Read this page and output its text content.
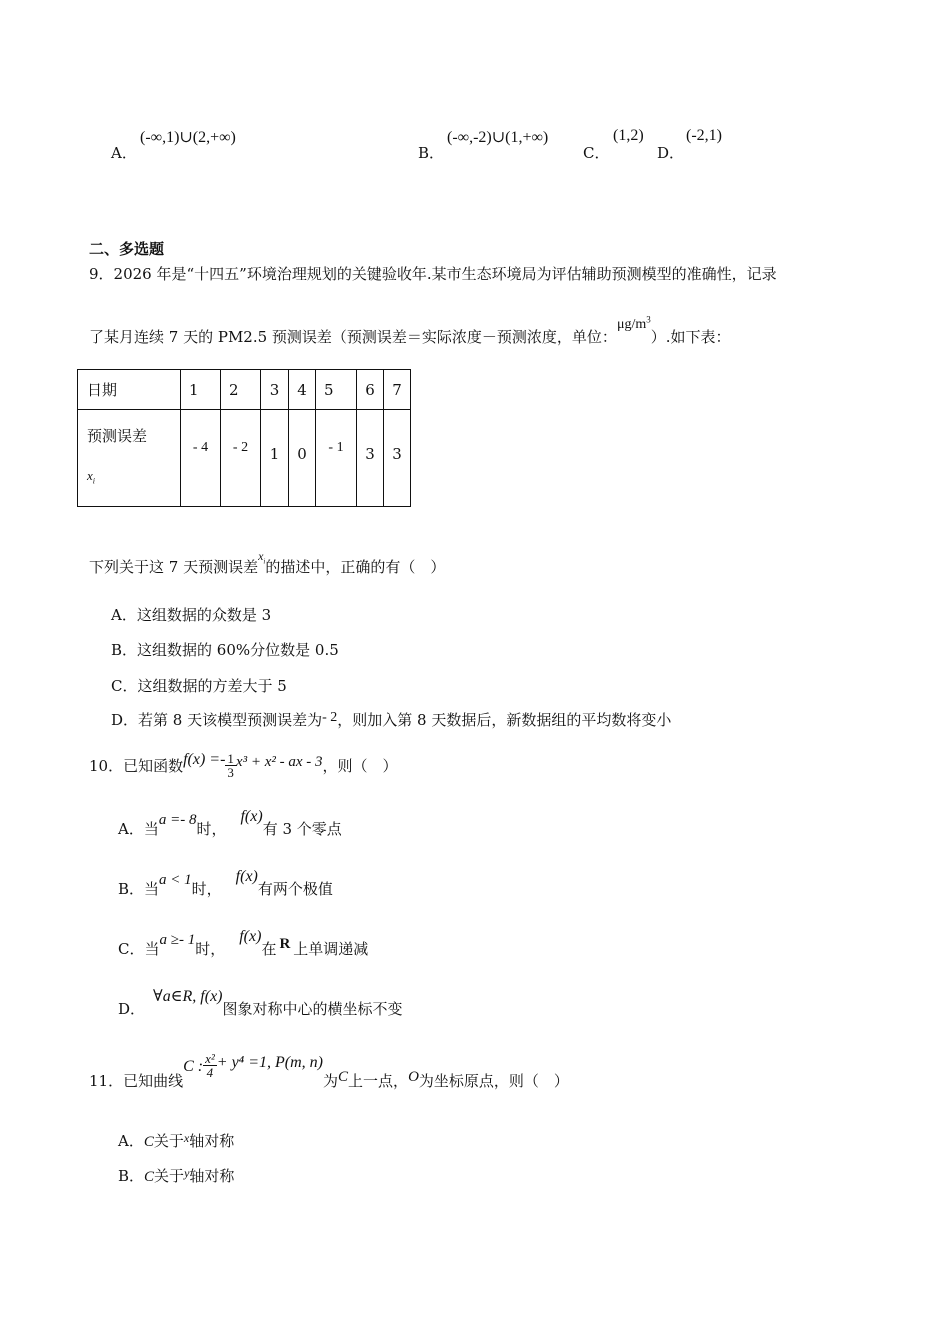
A．
(-∞,1)∪(2,+∞)
B．
(-∞,-2)∪(1,+∞)
C．
(1,2)
D．
(-2,1)
二、多选题
9．2026 年是“十四五”环境治理规划的关键验收年.某市生态环境局为评估辅助预测模型的准确性，记录
了某月连续 7 天的 PM2.5 预测误差（预测误差＝实际浓度－预测浓度，单位：$\mu g/m^3$）.如下表：
日期	1	2	3	4	5	6	7

预测误差
$x_i$	- 4	- 2	1	0	- 1	3	3
下列关于这 7 天预测误差$^{x_i}$的描述中，正确的有（　）
A．这组数据的众数是 3
B．这组数据的 60%分位数是 0.5
C．这组数据的方差大于 5
D．若第 8 天该模型预测误差为- 2，则加入第 8 天数据后，新数据组的平均数将变小
10．已知函数 $f(x) =- \frac{1}{3} x^3 + x^2$ - ax - 3 ，则（　）
A．当a =- 8时，f(x)有 3 个零点
B．当a < 1时，f(x)有两个极值
C．当a ≥- 1时，f(x)在 R 上单调递减
D．∀a∈R, f(x)图象对称中心的横坐标不变
11．已知曲线
C : $\frac{\text{x²}}{4} + y^4 =1$, P(m, n)
为 C 上一点， O 为坐标原点，则（　）
A．C关于$^x$轴对称
B．C关于$^y$轴对称
